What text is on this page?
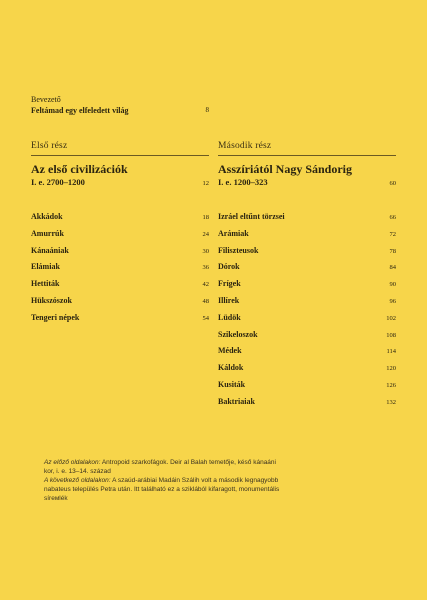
Bevezető
Feltámad egy elfeledett világ	8
Első rész
Az első civilizációk
I. e. 2700–1200	12
Második rész
Asszíriától Nagy Sándorig
I. e. 1200–323	60
Akkádok	18
Amurrúk	24
Kánaániak	30
Elámiak	36
Hettiták	42
Hükszószok	48
Tengeri népek	54
Izráel eltűnt törzsei	66
Arámiak	72
Filiszteusok	78
Dórok	84
Frígek	90
Illírek	96
Lüdök	102
Szikeloszok	108
Médek	114
Káldok	120
Kusiták	126
Baktriaiak	132
Az előző oldalakon: Antropoid szarkofágok. Deir al Balah temetője, késő kánaáni kor, i. e. 13–14. század
A következő oldalakon: A szaúd-arábiai Madáin Szálih volt a második legnagyobb nabateus település Petra után. Itt található ez a sziklából kifaragott, monumentális sírемlék
